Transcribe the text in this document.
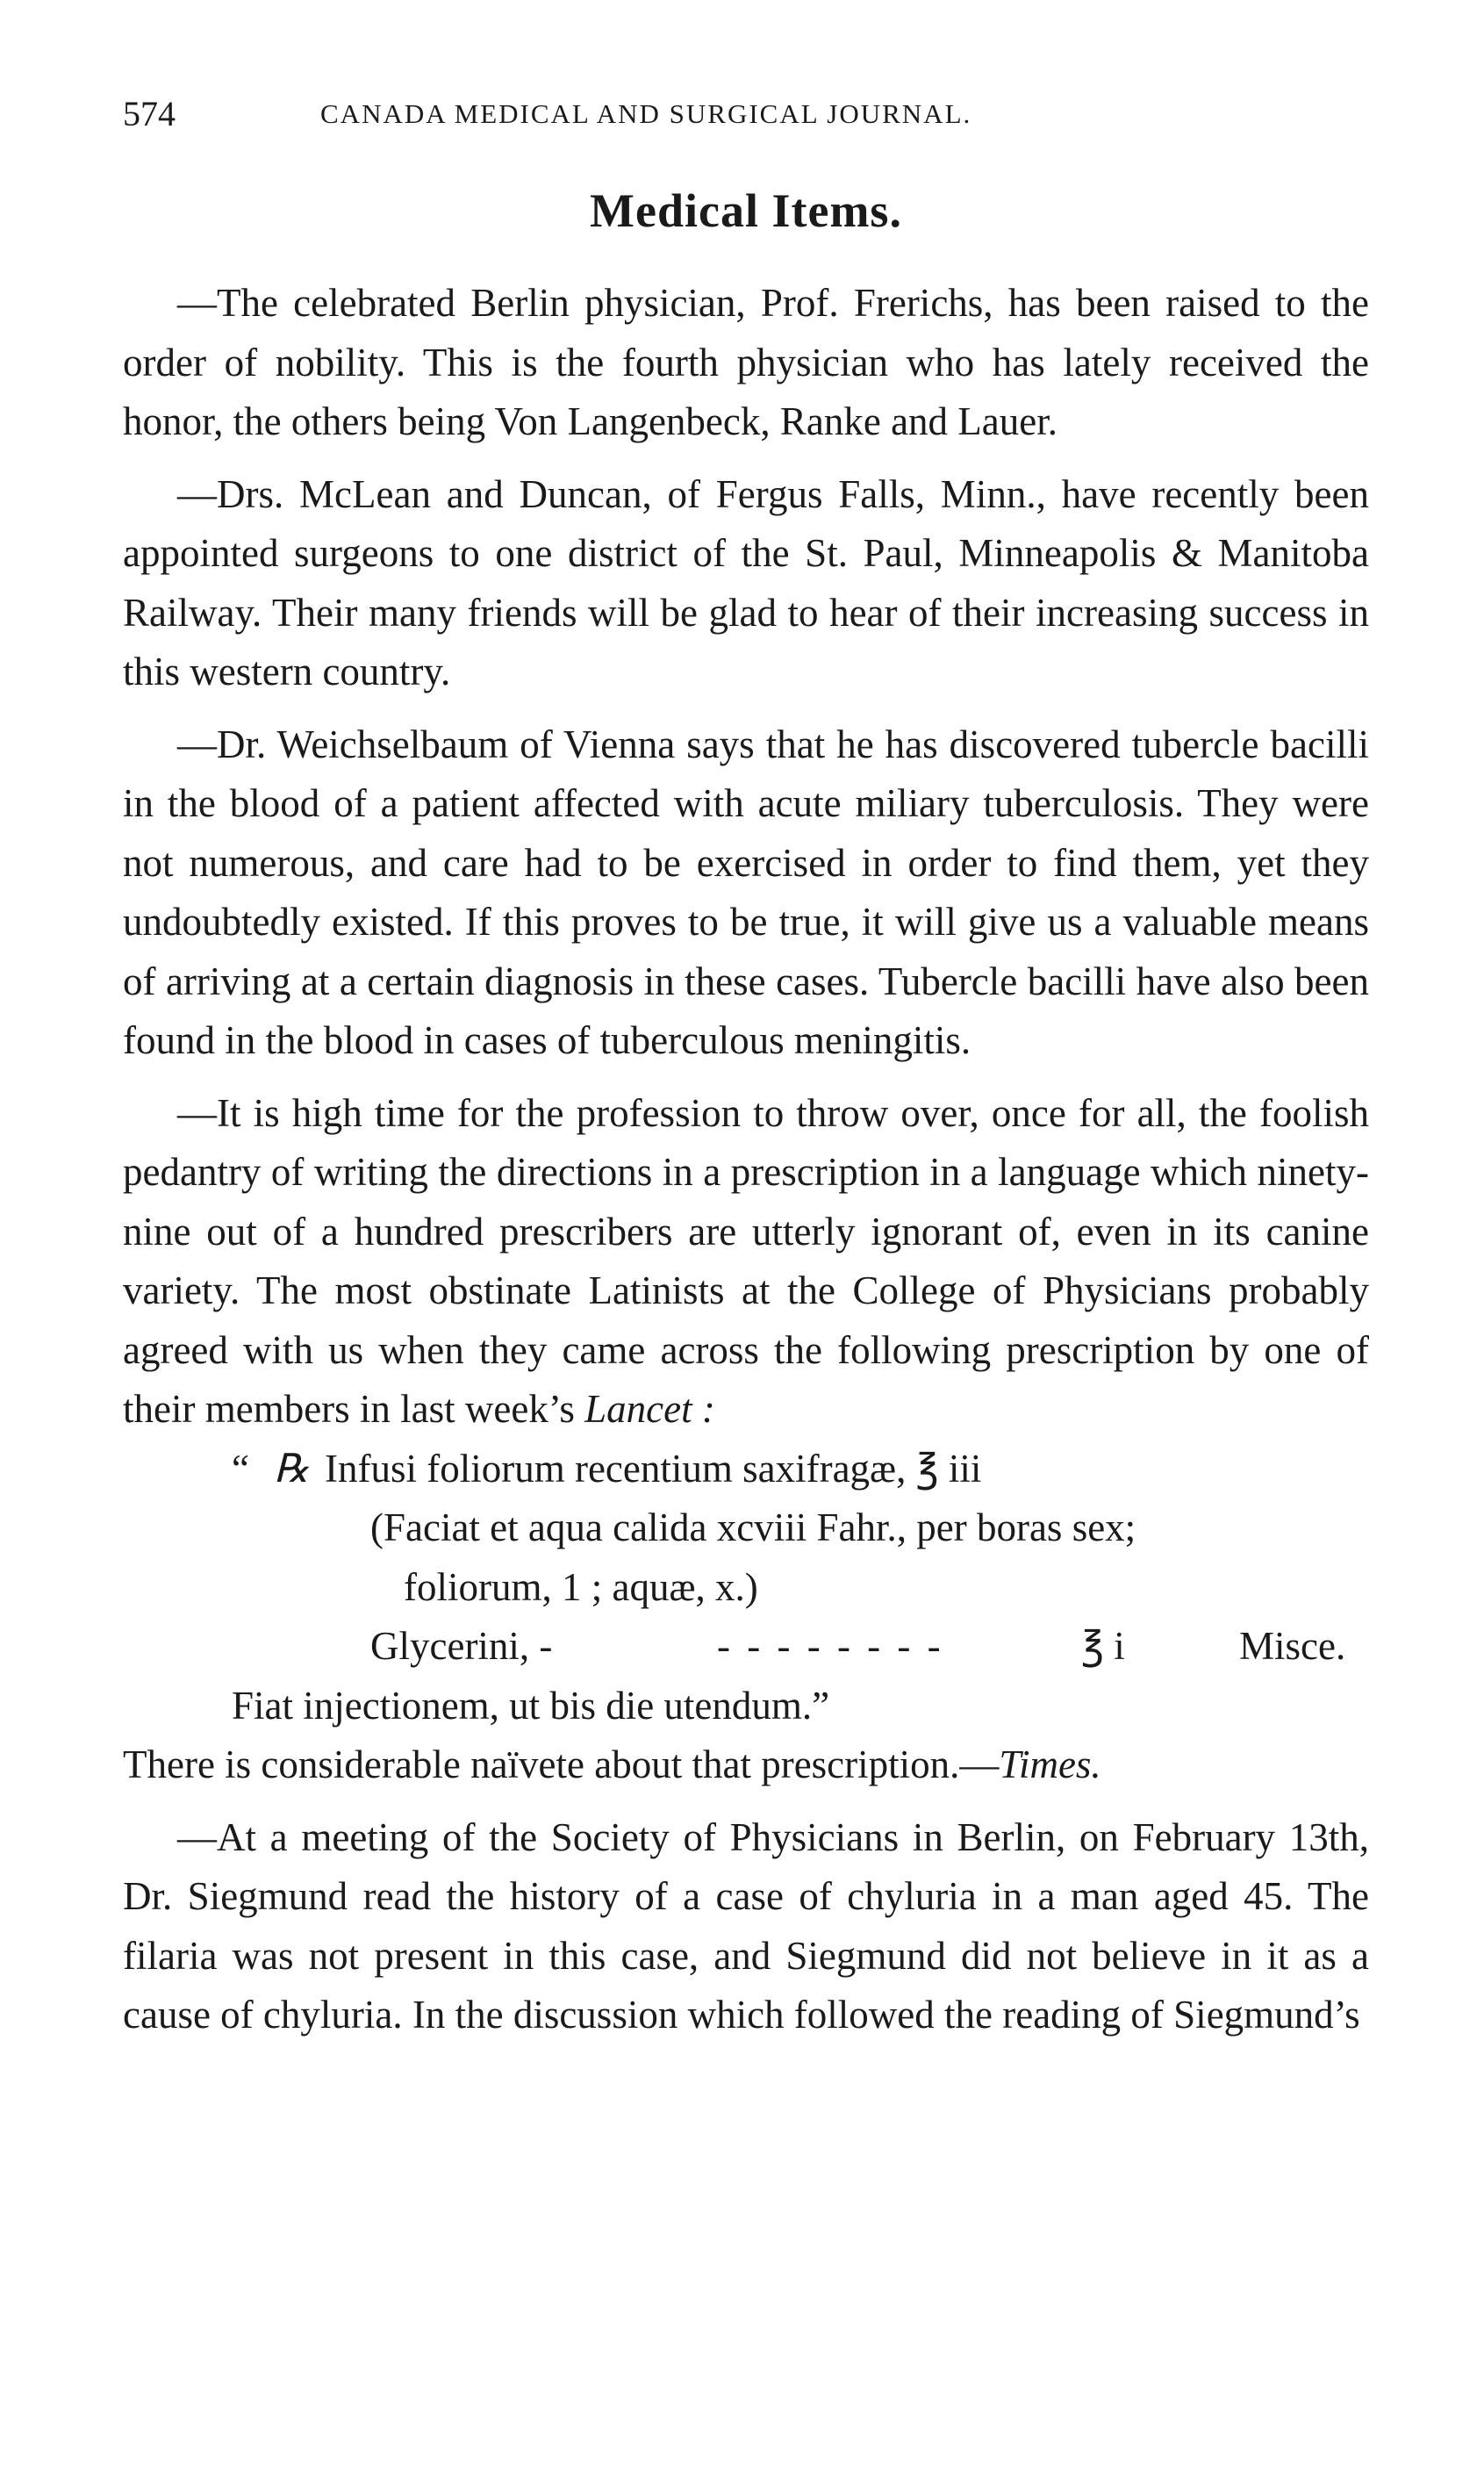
574	CANADA MEDICAL AND SURGICAL JOURNAL.
Medical Items.

—The celebrated Berlin physician, Prof. Frerichs, has been raised to the order of nobility. This is the fourth physician who has lately received the honor, the others being Von Langenbeck, Ranke and Lauer.

—Drs. McLean and Duncan, of Fergus Falls, Minn., have recently been appointed surgeons to one district of the St. Paul, Minneapolis & Manitoba Railway. Their many friends will be glad to hear of their increasing success in this western country.

—Dr. Weichselbaum of Vienna says that he has discovered tubercle bacilli in the blood of a patient affected with acute miliary tuberculosis. They were not numerous, and care had to be exercised in order to find them, yet they undoubtedly existed. If this proves to be true, it will give us a valuable means of arriving at a certain diagnosis in these cases. Tubercle bacilli have also been found in the blood in cases of tuberculous meningitis.

—It is high time for the profession to throw over, once for all, the foolish pedantry of writing the directions in a prescription in a language which ninety-nine out of a hundred prescribers are utterly ignorant of, even in its canine variety. The most obstinate Latinists at the College of Physicians probably agreed with us when they came across the following prescription by one of their members in last week’s Lancet :

“ ℞ Infusi foliorum recentium saxifragæ, ℥ iii
(Faciat et aqua calida xcviii Fahr., per boras sex;
foliorum, 1 ; aquæ, x.)
Glycerini, -	- - - - - - - -	℥ i	Misce.
Fiat injectionem, ut bis die utendum.”

There is considerable naïvete about that prescription.—Times.

—At a meeting of the Society of Physicians in Berlin, on February 13th, Dr. Siegmund read the history of a case of chyluria in a man aged 45. The filaria was not present in this case, and Siegmund did not believe in it as a cause of chyluria. In the discussion which followed the reading of Siegmund’s
